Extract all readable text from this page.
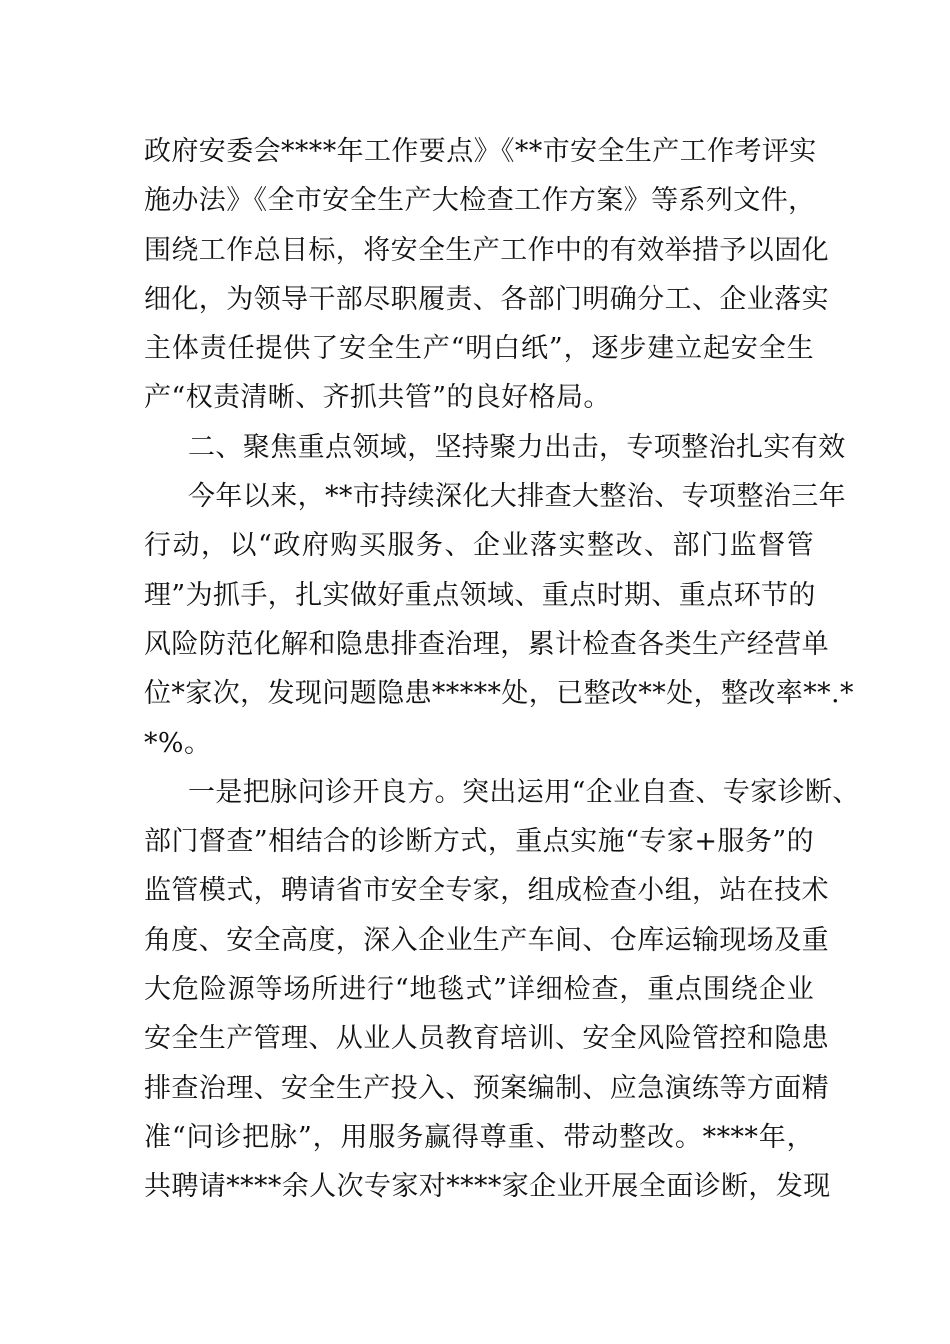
政府安委会****年工作要点》《**市安全生产工作考评实
施办法》《全市安全生产大检查工作方案》等系列文件，
围绕工作总目标，将安全生产工作中的有效举措予以固化
细化，为领导干部尽职履责、各部门明确分工、企业落实
主体责任提供了安全生产“明白纸”，逐步建立起安全生
产“权责清晰、齐抓共管”的良好格局。
二、聚焦重点领域，坚持聚力出击，专项整治扎实有效
今年以来，**市持续深化大排查大整治、专项整治三年
行动，以“政府购买服务、企业落实整改、部门监督管
理”为抓手，扎实做好重点领域、重点时期、重点环节的
风险防范化解和隐患排查治理，累计检查各类生产经营单
位*家次，发现问题隐患*****处，已整改**处，整改率**.*
*%。
一是把脉问诊开良方。突出运用“企业自查、专家诊断、
部门督查”相结合的诊断方式，重点实施“专家+服务”的
监管模式，聘请省市安全专家，组成检查小组，站在技术
角度、安全高度，深入企业生产车间、仓库运输现场及重
大危险源等场所进行“地毯式”详细检查，重点围绕企业
安全生产管理、从业人员教育培训、安全风险管控和隐患
排查治理、安全生产投入、预案编制、应急演练等方面精
准“问诊把脉”，用服务赢得尊重、带动整改。****年，
共聘请****余人次专家对****家企业开展全面诊断，发现
